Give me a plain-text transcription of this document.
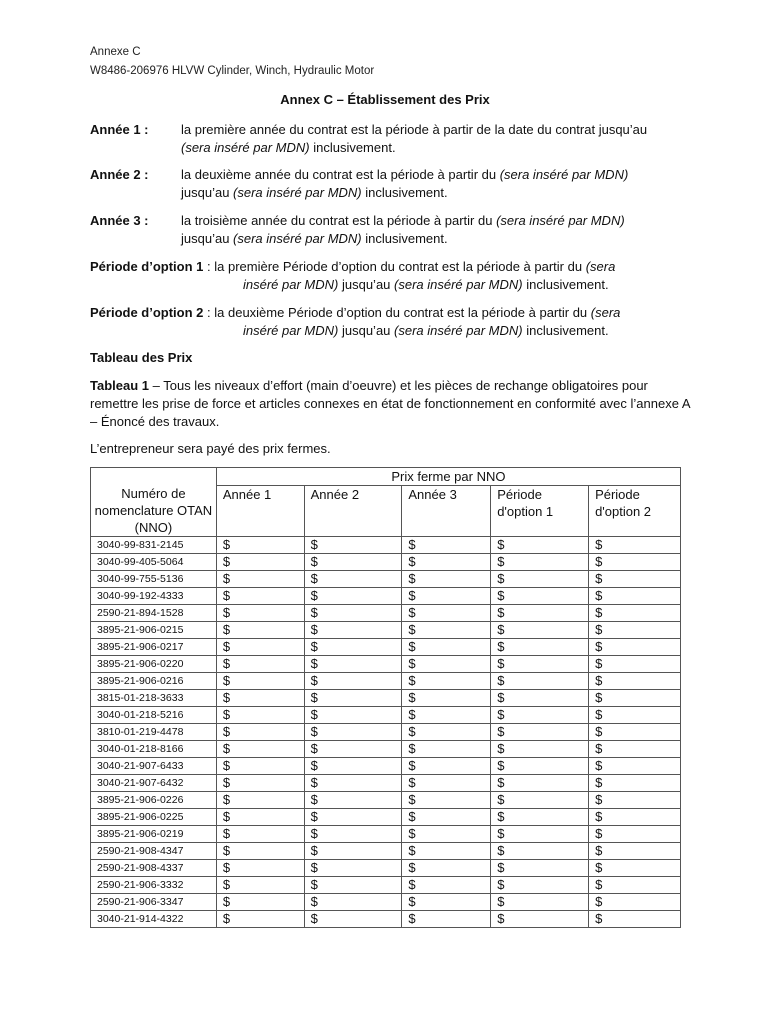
Annexe C
W8486-206976 HLVW Cylinder, Winch, Hydraulic Motor
Annex C – Établissement des Prix
Année 1 : la première année du contrat est la période à partir de la date du contrat jusqu’au
(sera inséré par MDN) inclusivement.
Année 2 : la deuxième année du contrat est la période à partir du (sera inséré par MDN)
jusqu’au (sera inséré par MDN) inclusivement.
Année 3 : la troisième année du contrat est la période à partir du (sera inséré par MDN)
jusqu’au (sera inséré par MDN) inclusivement.
Période d’option 1 : la première Période d’option du contrat est la période à partir du (sera
inséré par MDN) jusqu’au (sera inséré par MDN) inclusivement.
Période d’option 2 : la deuxième Période d’option du contrat est la période à partir du (sera
inséré par MDN) jusqu’au (sera inséré par MDN) inclusivement.
Tableau des Prix
Tableau 1 – Tous les niveaux d’effort (main d’oeuvre) et les pièces de rechange obligatoires pour remettre les prise de force et articles connexes en état de fonctionnement en conformité avec l’annexe A – Énoncé des travaux.
L’entrepreneur sera payé des prix fermes.
Numéro de nomenclature OTAN (NNO)	Prix ferme par NNO				
	Année 1	Année 2	Année 3	Période d'option 1	Période d'option 2
3040-99-831-2145	$	$	$	$	$
3040-99-405-5064	$	$	$	$	$
3040-99-755-5136	$	$	$	$	$
3040-99-192-4333	$	$	$	$	$
2590-21-894-1528	$	$	$	$	$
3895-21-906-0215	$	$	$	$	$
3895-21-906-0217	$	$	$	$	$
3895-21-906-0220	$	$	$	$	$
3895-21-906-0216	$	$	$	$	$
3815-01-218-3633	$	$	$	$	$
3040-01-218-5216	$	$	$	$	$
3810-01-219-4478	$	$	$	$	$
3040-01-218-8166	$	$	$	$	$
3040-21-907-6433	$	$	$	$	$
3040-21-907-6432	$	$	$	$	$
3895-21-906-0226	$	$	$	$	$
3895-21-906-0225	$	$	$	$	$
3895-21-906-0219	$	$	$	$	$
2590-21-908-4347	$	$	$	$	$
2590-21-908-4337	$	$	$	$	$
2590-21-906-3332	$	$	$	$	$
2590-21-906-3347	$	$	$	$	$
3040-21-914-4322	$	$	$	$	$
